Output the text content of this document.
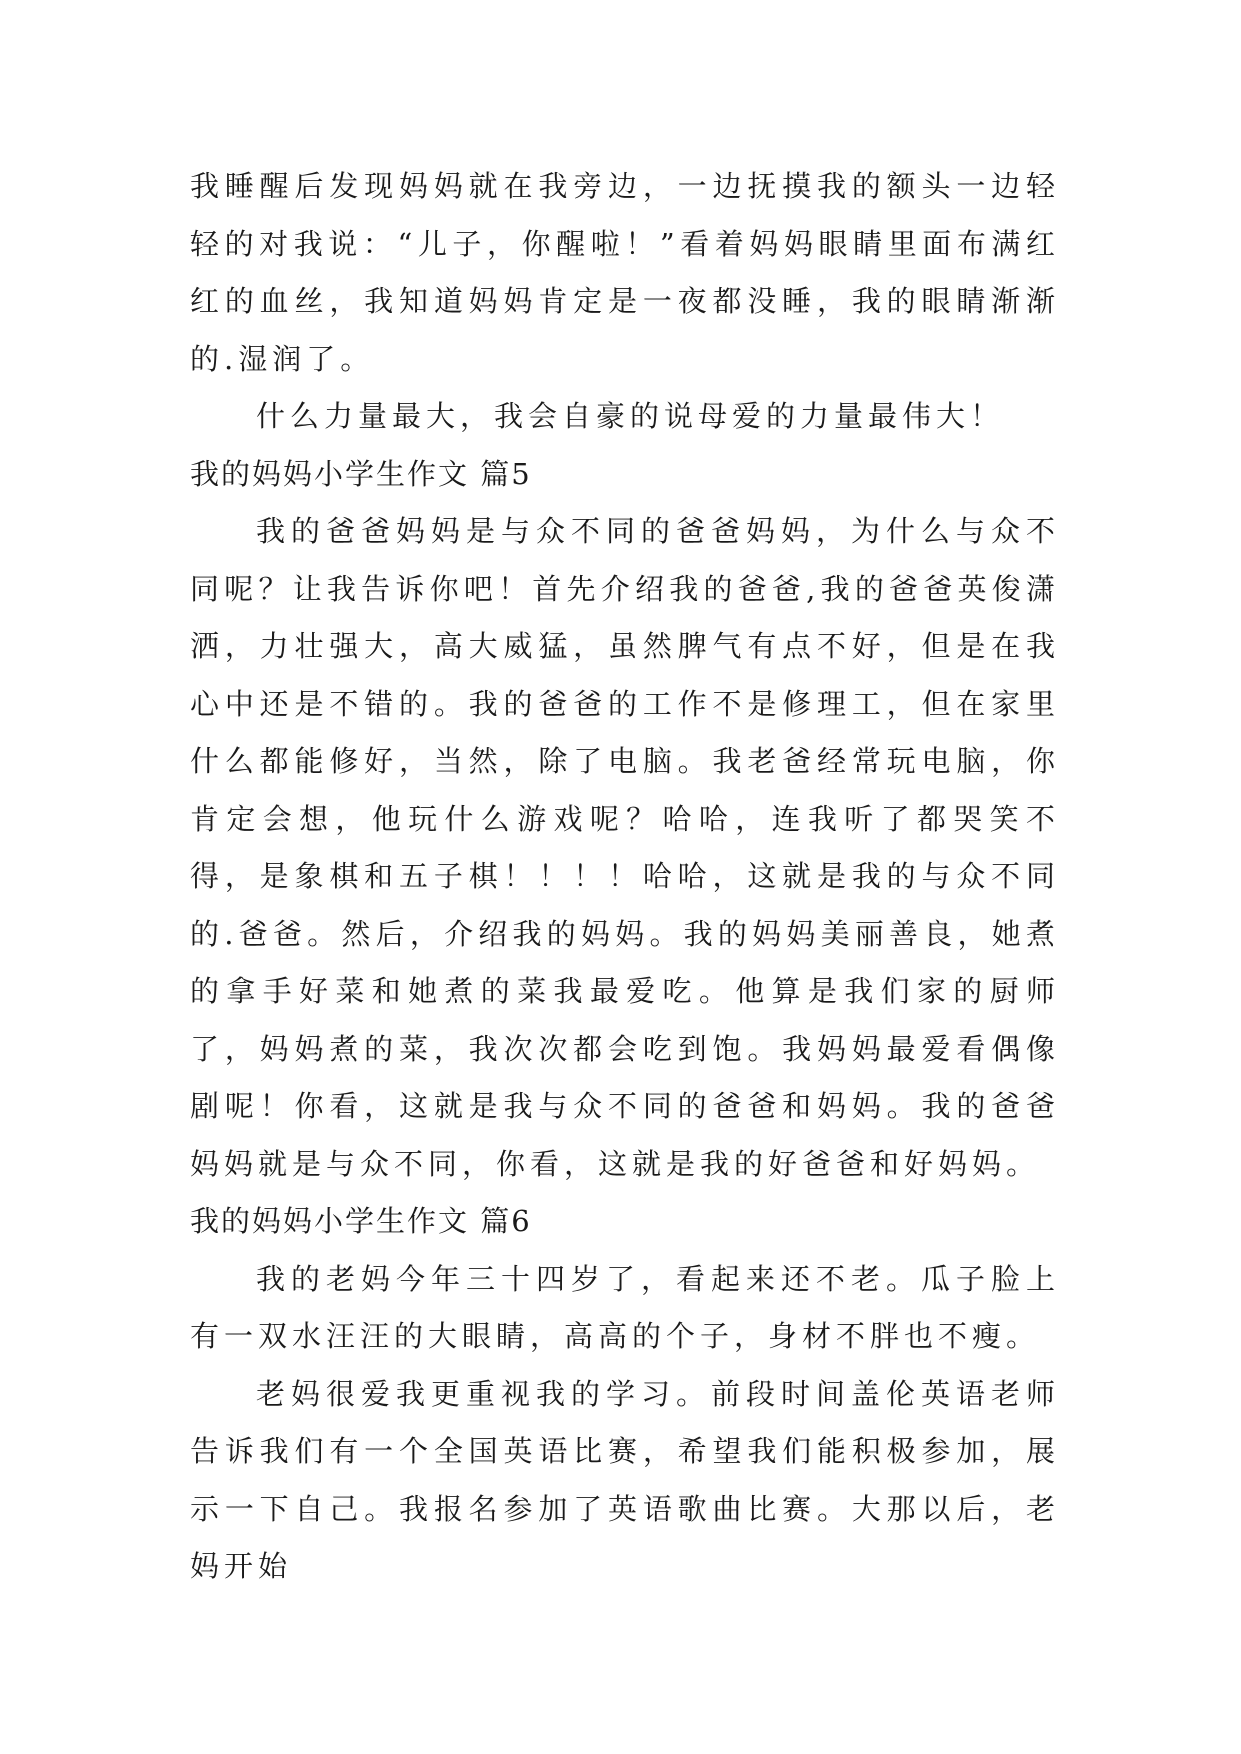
我睡醒后发现妈妈就在我旁边，一边抚摸我的额头一边轻轻的对我说：“儿子，你醒啦！”看着妈妈眼睛里面布满红红的血丝，我知道妈妈肯定是一夜都没睡，我的眼睛渐渐的.湿润了。

什么力量最大，我会自豪的说母爱的力量最伟大！

我的妈妈小学生作文 篇5

我的爸爸妈妈是与众不同的爸爸妈妈，为什么与众不同呢？让我告诉你吧！首先介绍我的爸爸,我的爸爸英俊潇洒，力壮强大，高大威猛，虽然脾气有点不好，但是在我心中还是不错的。我的爸爸的工作不是修理工，但在家里什么都能修好，当然，除了电脑。我老爸经常玩电脑，你肯定会想，他玩什么游戏呢？哈哈，连我听了都哭笑不得，是象棋和五子棋！！！！哈哈，这就是我的与众不同的.爸爸。然后，介绍我的妈妈。我的妈妈美丽善良，她煮的拿手好菜和她煮的菜我最爱吃。他算是我们家的厨师了，妈妈煮的菜，我次次都会吃到饱。我妈妈最爱看偶像剧呢！你看，这就是我与众不同的爸爸和妈妈。我的爸爸妈妈就是与众不同，你看，这就是我的好爸爸和好妈妈。

我的妈妈小学生作文 篇6

我的老妈今年三十四岁了，看起来还不老。瓜子脸上有一双水汪汪的大眼睛，高高的个子，身材不胖也不瘦。

老妈很爱我更重视我的学习。前段时间盖伦英语老师告诉我们有一个全国英语比赛，希望我们能积极参加，展示一下自己。我报名参加了英语歌曲比赛。大那以后，老妈开始
